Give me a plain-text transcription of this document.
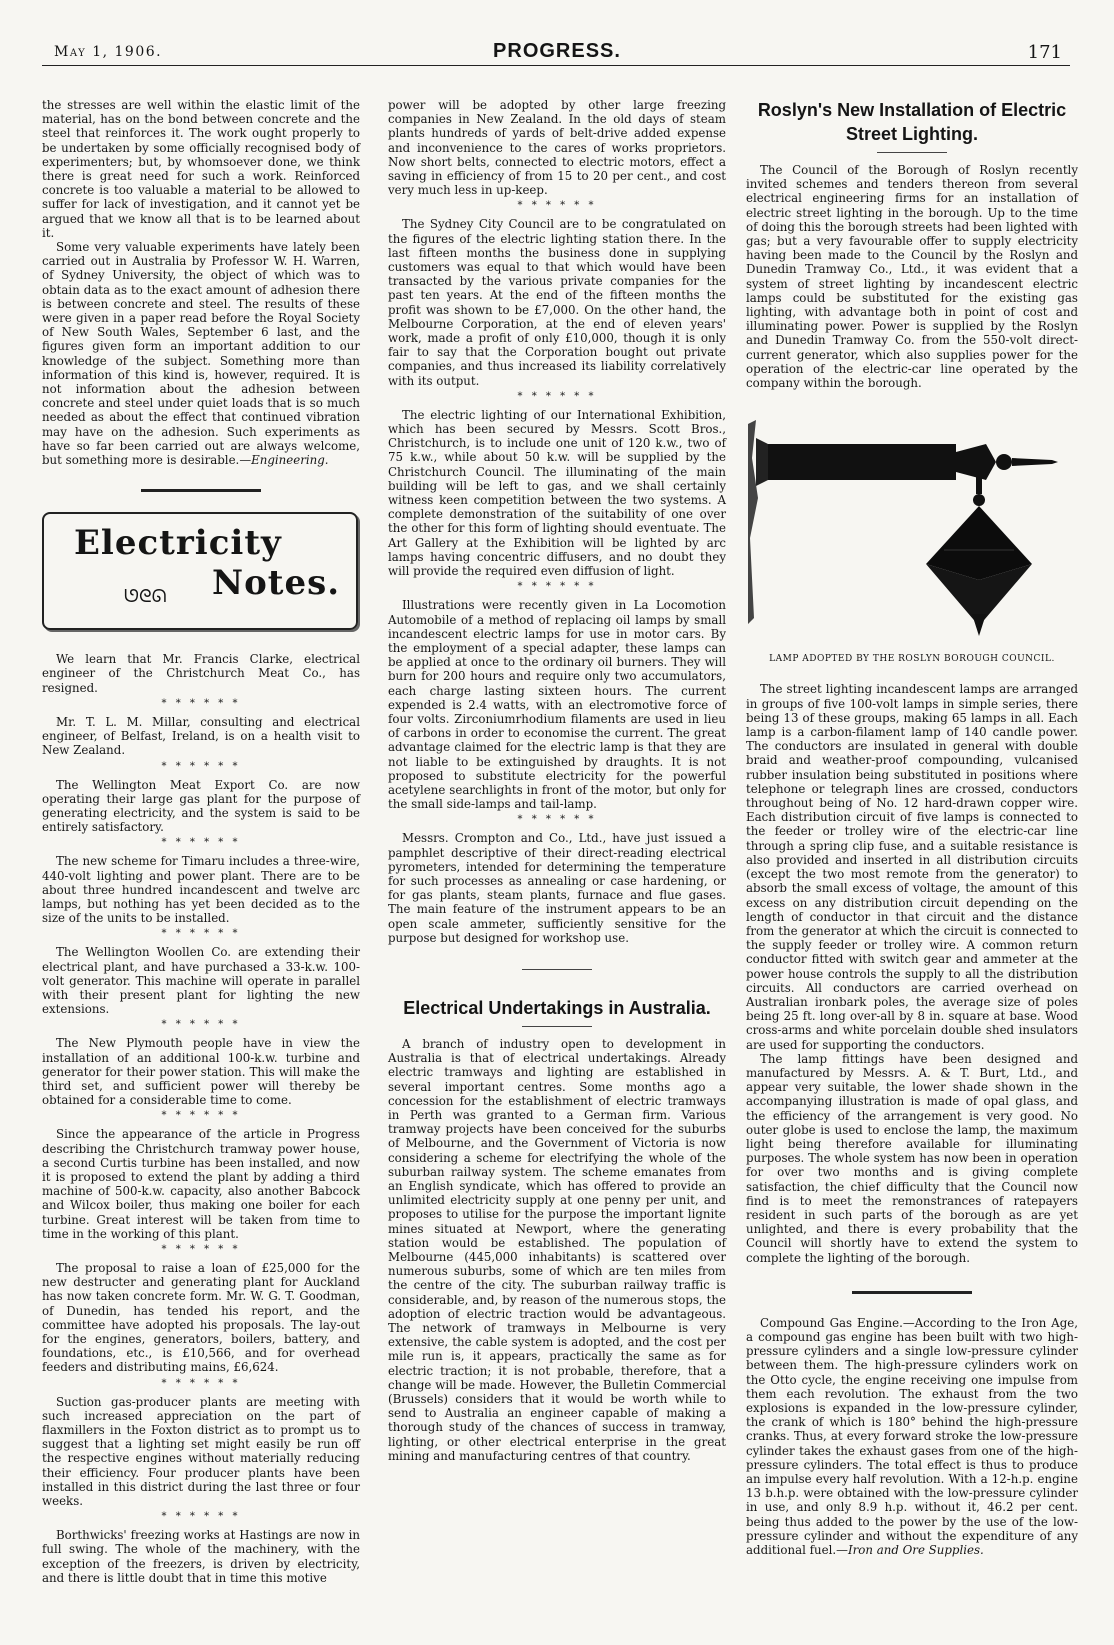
May 1, 1906.	PROGRESS.	171

the stresses are well within the elastic limit of the material, has on the bond between concrete and the steel that reinforces it. The work ought properly to be undertaken by some officially recognised body of experimenters; but, by whomsoever done, we think there is great need for such a work. Reinforced concrete is too valuable a material to be allowed to suffer for lack of investigation, and it cannot yet be argued that we know all that is to be learned about it.

Some very valuable experiments have lately been carried out in Australia by Professor W. H. Warren, of Sydney University, the object of which was to obtain data as to the exact amount of adhesion there is between concrete and steel. The results of these were given in a paper read before the Royal Society of New South Wales, September 6 last, and the figures given form an important addition to our knowledge of the subject. Something more than information of this kind is, however, required. It is not information about the adhesion between concrete and steel under quiet loads that is so much needed as about the effect that continued vibration may have on the adhesion. Such experiments as have so far been carried out are always welcome, but something more is desirable.—Engineering.

Electricity
ᘎᘓᘏ Notes.

We learn that Mr. Francis Clarke, electrical engineer of the Christchurch Meat Co., has resigned.

* * * * * *

Mr. T. L. M. Millar, consulting and electrical engineer, of Belfast, Ireland, is on a health visit to New Zealand.

* * * * * *

The Wellington Meat Export Co. are now operating their large gas plant for the purpose of generating electricity, and the system is said to be entirely satisfactory.

* * * * * *

The new scheme for Timaru includes a three-wire, 440-volt lighting and power plant. There are to be about three hundred incandescent and twelve arc lamps, but nothing has yet been decided as to the size of the units to be installed.

* * * * * *

The Wellington Woollen Co. are extending their electrical plant, and have purchased a 33-k.w. 100-volt generator. This machine will operate in parallel with their present plant for lighting the new extensions.

* * * * * *

The New Plymouth people have in view the installation of an additional 100-k.w. turbine and generator for their power station. This will make the third set, and sufficient power will thereby be obtained for a considerable time to come.

* * * * * *

Since the appearance of the article in Progress describing the Christchurch tramway power house, a second Curtis turbine has been installed, and now it is proposed to extend the plant by adding a third machine of 500-k.w. capacity, also another Babcock and Wilcox boiler, thus making one boiler for each turbine. Great interest will be taken from time to time in the working of this plant.

* * * * * *

The proposal to raise a loan of £25,000 for the new destructer and generating plant for Auckland has now taken concrete form. Mr. W. G. T. Goodman, of Dunedin, has tended his report, and the committee have adopted his proposals. The lay-out for the engines, generators, boilers, battery, and foundations, etc., is £10,566, and for overhead feeders and distributing mains, £6,624.

* * * * * *

Suction gas-producer plants are meeting with such increased appreciation on the part of flaxmillers in the Foxton district as to prompt us to suggest that a lighting set might easily be run off the respective engines without materially reducing their efficiency. Four producer plants have been installed in this district during the last three or four weeks.

* * * * * *

Borthwicks' freezing works at Hastings are now in full swing. The whole of the machinery, with the exception of the freezers, is driven by electricity, and there is little doubt that in time this motive

power will be adopted by other large freezing companies in New Zealand. In the old days of steam plants hundreds of yards of belt-drive added expense and inconvenience to the cares of works proprietors. Now short belts, connected to electric motors, effect a saving in efficiency of from 15 to 20 per cent., and cost very much less in up-keep.

* * * * * *

The Sydney City Council are to be congratulated on the figures of the electric lighting station there. In the last fifteen months the business done in supplying customers was equal to that which would have been transacted by the various private companies for the past ten years. At the end of the fifteen months the profit was shown to be £7,000. On the other hand, the Melbourne Corporation, at the end of eleven years' work, made a profit of only £10,000, though it is only fair to say that the Corporation bought out private companies, and thus increased its liability correlatively with its output.

* * * * * *

The electric lighting of our International Exhibition, which has been secured by Messrs. Scott Bros., Christchurch, is to include one unit of 120 k.w., two of 75 k.w., while about 50 k.w. will be supplied by the Christchurch Council. The illuminating of the main building will be left to gas, and we shall certainly witness keen competition between the two systems. A complete demonstration of the suitability of one over the other for this form of lighting should eventuate. The Art Gallery at the Exhibition will be lighted by arc lamps having concentric diffusers, and no doubt they will provide the required even diffusion of light.

* * * * * *

Illustrations were recently given in La Locomotion Automobile of a method of replacing oil lamps by small incandescent electric lamps for use in motor cars. By the employment of a special adapter, these lamps can be applied at once to the ordinary oil burners. They will burn for 200 hours and require only two accumulators, each charge lasting sixteen hours. The current expended is 2.4 watts, with an electromotive force of four volts. Zirconiumrhodium filaments are used in lieu of carbons in order to economise the current. The great advantage claimed for the electric lamp is that they are not liable to be extinguished by draughts. It is not proposed to substitute electricity for the powerful acetylene searchlights in front of the motor, but only for the small side-lamps and tail-lamp.

* * * * * *

Messrs. Crompton and Co., Ltd., have just issued a pamphlet descriptive of their direct-reading electrical pyrometers, intended for determining the temperature for such processes as annealing or case hardening, or for gas plants, steam plants, furnace and flue gases. The main feature of the instrument appears to be an open scale ammeter, sufficiently sensitive for the purpose but designed for workshop use.

Electrical Undertakings in Australia.

A branch of industry open to development in Australia is that of electrical undertakings. Already electric tramways and lighting are established in several important centres. Some months ago a concession for the establishment of electric tramways in Perth was granted to a German firm. Various tramway projects have been conceived for the suburbs of Melbourne, and the Government of Victoria is now considering a scheme for electrifying the whole of the suburban railway system. The scheme emanates from an English syndicate, which has offered to provide an unlimited electricity supply at one penny per unit, and proposes to utilise for the purpose the important lignite mines situated at Newport, where the generating station would be established. The population of Melbourne (445,000 inhabitants) is scattered over numerous suburbs, some of which are ten miles from the centre of the city. The suburban railway traffic is considerable, and, by reason of the numerous stops, the adoption of electric traction would be advantageous. The network of tramways in Melbourne is very extensive, the cable system is adopted, and the cost per mile run is, it appears, practically the same as for electric traction; it is not probable, therefore, that a change will be made. However, the Bulletin Commercial (Brussels) considers that it would be worth while to send to Australia an engineer capable of making a thorough study of the chances of success in tramway, lighting, or other electrical enterprise in the great mining and manufacturing centres of that country.

Roslyn's New Installation of Electric Street Lighting.

The Council of the Borough of Roslyn recently invited schemes and tenders thereon from several electrical engineering firms for an installation of electric street lighting in the borough. Up to the time of doing this the borough streets had been lighted with gas; but a very favourable offer to supply electricity having been made to the Council by the Roslyn and Dunedin Tramway Co., Ltd., it was evident that a system of street lighting by incandescent electric lamps could be substituted for the existing gas lighting, with advantage both in point of cost and illuminating power. Power is supplied by the Roslyn and Dunedin Tramway Co. from the 550-volt direct-current generator, which also supplies power for the operation of the electric-car line operated by the company within the borough.

LAMP ADOPTED BY THE ROSLYN BOROUGH COUNCIL.

The street lighting incandescent lamps are arranged in groups of five 100-volt lamps in simple series, there being 13 of these groups, making 65 lamps in all. Each lamp is a carbon-filament lamp of 140 candle power. The conductors are insulated in general with double braid and weather-proof compounding, vulcanised rubber insulation being substituted in positions where telephone or telegraph lines are crossed, conductors throughout being of No. 12 hard-drawn copper wire. Each distribution circuit of five lamps is connected to the feeder or trolley wire of the electric-car line through a spring clip fuse, and a suitable resistance is also provided and inserted in all distribution circuits (except the two most remote from the generator) to absorb the small excess of voltage, the amount of this excess on any distribution circuit depending on the length of conductor in that circuit and the distance from the generator at which the circuit is connected to the supply feeder or trolley wire. A common return conductor fitted with switch gear and ammeter at the power house controls the supply to all the distribution circuits. All conductors are carried overhead on Australian ironbark poles, the average size of poles being 25 ft. long over-all by 8 in. square at base. Wood cross-arms and white porcelain double shed insulators are used for supporting the conductors.

The lamp fittings have been designed and manufactured by Messrs. A. & T. Burt, Ltd., and appear very suitable, the lower shade shown in the accompanying illustration is made of opal glass, and the efficiency of the arrangement is very good. No outer globe is used to enclose the lamp, the maximum light being therefore available for illuminating purposes. The whole system has now been in operation for over two months and is giving complete satisfaction, the chief difficulty that the Council now find is to meet the remonstrances of ratepayers resident in such parts of the borough as are yet unlighted, and there is every probability that the Council will shortly have to extend the system to complete the lighting of the borough.

Compound Gas Engine.—According to the Iron Age, a compound gas engine has been built with two high-pressure cylinders and a single low-pressure cylinder between them. The high-pressure cylinders work on the Otto cycle, the engine receiving one impulse from them each revolution. The exhaust from the two explosions is expanded in the low-pressure cylinder, the crank of which is 180° behind the high-pressure cranks. Thus, at every forward stroke the low-pressure cylinder takes the exhaust gases from one of the high-pressure cylinders. The total effect is thus to produce an impulse every half revolution. With a 12-h.p. engine 13 b.h.p. were obtained with the low-pressure cylinder in use, and only 8.9 h.p. without it, 46.2 per cent. being thus added to the power by the use of the low-pressure cylinder and without the expenditure of any additional fuel.—Iron and Ore Supplies.
